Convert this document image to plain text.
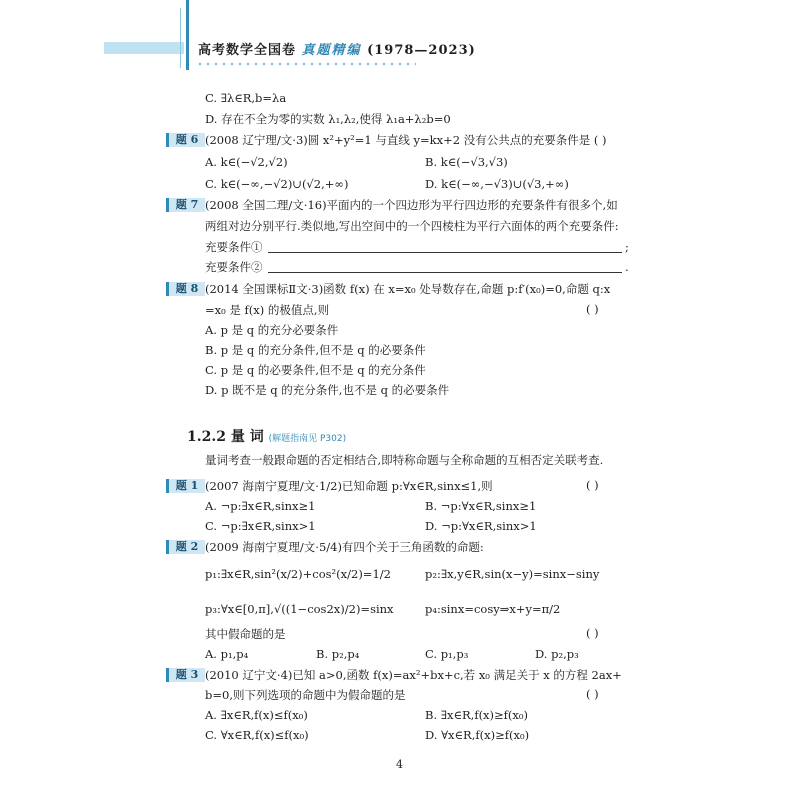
高考数学全国卷 真题精编 (1978—2023)
C. ∃λ∈R,b=λa
D. 存在不全为零的实数 λ₁,λ₂,使得 λ₁a+λ₂b=0
题 6 (2008 辽宁理/文·3)圆 x²+y²=1 与直线 y=kx+2 没有公共点的充要条件是 ( )
A. k∈(−√2,√2)	B. k∈(−√3,√3)
C. k∈(−∞,−√2)∪(√2,+∞)	D. k∈(−∞,−√3)∪(√3,+∞)
题 7 (2008 全国二理/文·16)平面内的一个四边形为平行四边形的充要条件有很多个,如
两组对边分别平行.类似地,写出空间中的一个四棱柱为平行六面体的两个充要条件:
充要条件①	;
充要条件②	.
题 8 (2014 全国课标Ⅱ文·3)函数 f(x) 在 x=x₀ 处导数存在,命题 p:f′(x₀)=0,命题 q:x
=x₀ 是 f(x) 的极值点,则	( )
A. p 是 q 的充分必要条件
B. p 是 q 的充分条件,但不是 q 的必要条件
C. p 是 q 的必要条件,但不是 q 的充分条件
D. p 既不是 q 的充分条件,也不是 q 的必要条件
1.2.2 量 词 (解题指南见 P302)
量词考查一般跟命题的否定相结合,即特称命题与全称命题的互相否定关联考查.
题 1 (2007 海南宁夏理/文·1/2)已知命题 p:∀x∈R,sinx≤1,则	( )
A. ¬p:∃x∈R,sinx≥1	B. ¬p:∀x∈R,sinx≥1
C. ¬p:∃x∈R,sinx>1	D. ¬p:∀x∈R,sinx>1
题 2 (2009 海南宁夏理/文·5/4)有四个关于三角函数的命题:
p₁:∃x∈R,sin²(x/2)+cos²(x/2)=1/2	p₂:∃x,y∈R,sin(x−y)=sinx−siny
p₃:∀x∈[0,π],√((1−cos2x)/2)=sinx	p₄:sinx=cosy⇒x+y=π/2
其中假命题的是	( )
A. p₁,p₄	B. p₂,p₄	C. p₁,p₃	D. p₂,p₃
题 3 (2010 辽宁文·4)已知 a>0,函数 f(x)=ax²+bx+c,若 x₀ 满足关于 x 的方程 2ax+
b=0,则下列选项的命题中为假命题的是	( )
A. ∃x∈R,f(x)≤f(x₀)	B. ∃x∈R,f(x)≥f(x₀)
C. ∀x∈R,f(x)≤f(x₀)	D. ∀x∈R,f(x)≥f(x₀)
4
